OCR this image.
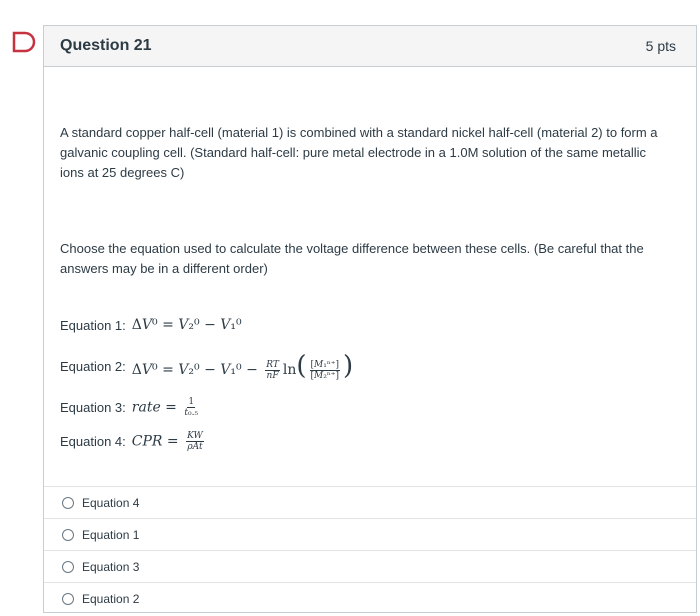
Question 21	5 pts
A standard copper half-cell (material 1) is combined with a standard nickel half-cell (material 2) to form a galvanic coupling cell. (Standard half-cell: pure metal electrode in a 1.0M solution of the same metallic ions at 25 degrees C)
Choose the equation used to calculate the voltage difference between these cells. (Be careful that the answers may be in a different order)
Equation 1: ΔV⁰ = V₂⁰ − V₁⁰
Equation 2: $\Delta V^0 = V_2^0 - V_1^0 - \frac{RT}{nF} \ln( \frac{\text{[M₁ⁿ⁺]}}{\text{[M₂ⁿ⁺]}}$ )
Equation 3: rate = $\frac{1}{\text{t₀.₅}}$
Equation 4: CPR = $\frac{KW}{\text{ρAt}}$
Equation 4
Equation 1
Equation 3
Equation 2
